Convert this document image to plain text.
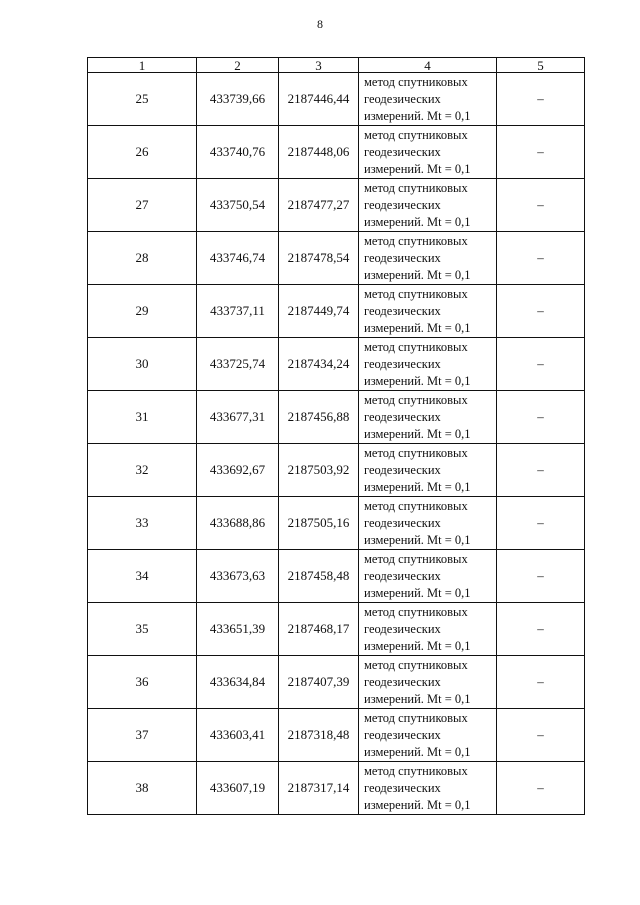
8
1	2	3	4	5
25	433739,66	2187446,44	метод спутниковых
геодезических
измерений. Mt = 0,1	–
26	433740,76	2187448,06	метод спутниковых
геодезических
измерений. Mt = 0,1	–
27	433750,54	2187477,27	метод спутниковых
геодезических
измерений. Mt = 0,1	–
28	433746,74	2187478,54	метод спутниковых
геодезических
измерений. Mt = 0,1	–
29	433737,11	2187449,74	метод спутниковых
геодезических
измерений. Mt = 0,1	–
30	433725,74	2187434,24	метод спутниковых
геодезических
измерений. Mt = 0,1	–
31	433677,31	2187456,88	метод спутниковых
геодезических
измерений. Mt = 0,1	–
32	433692,67	2187503,92	метод спутниковых
геодезических
измерений. Mt = 0,1	–
33	433688,86	2187505,16	метод спутниковых
геодезических
измерений. Mt = 0,1	–
34	433673,63	2187458,48	метод спутниковых
геодезических
измерений. Mt = 0,1	–
35	433651,39	2187468,17	метод спутниковых
геодезических
измерений. Mt = 0,1	–
36	433634,84	2187407,39	метод спутниковых
геодезических
измерений. Mt = 0,1	–
37	433603,41	2187318,48	метод спутниковых
геодезических
измерений. Mt = 0,1	–
38	433607,19	2187317,14	метод спутниковых
геодезических
измерений. Mt = 0,1	–
